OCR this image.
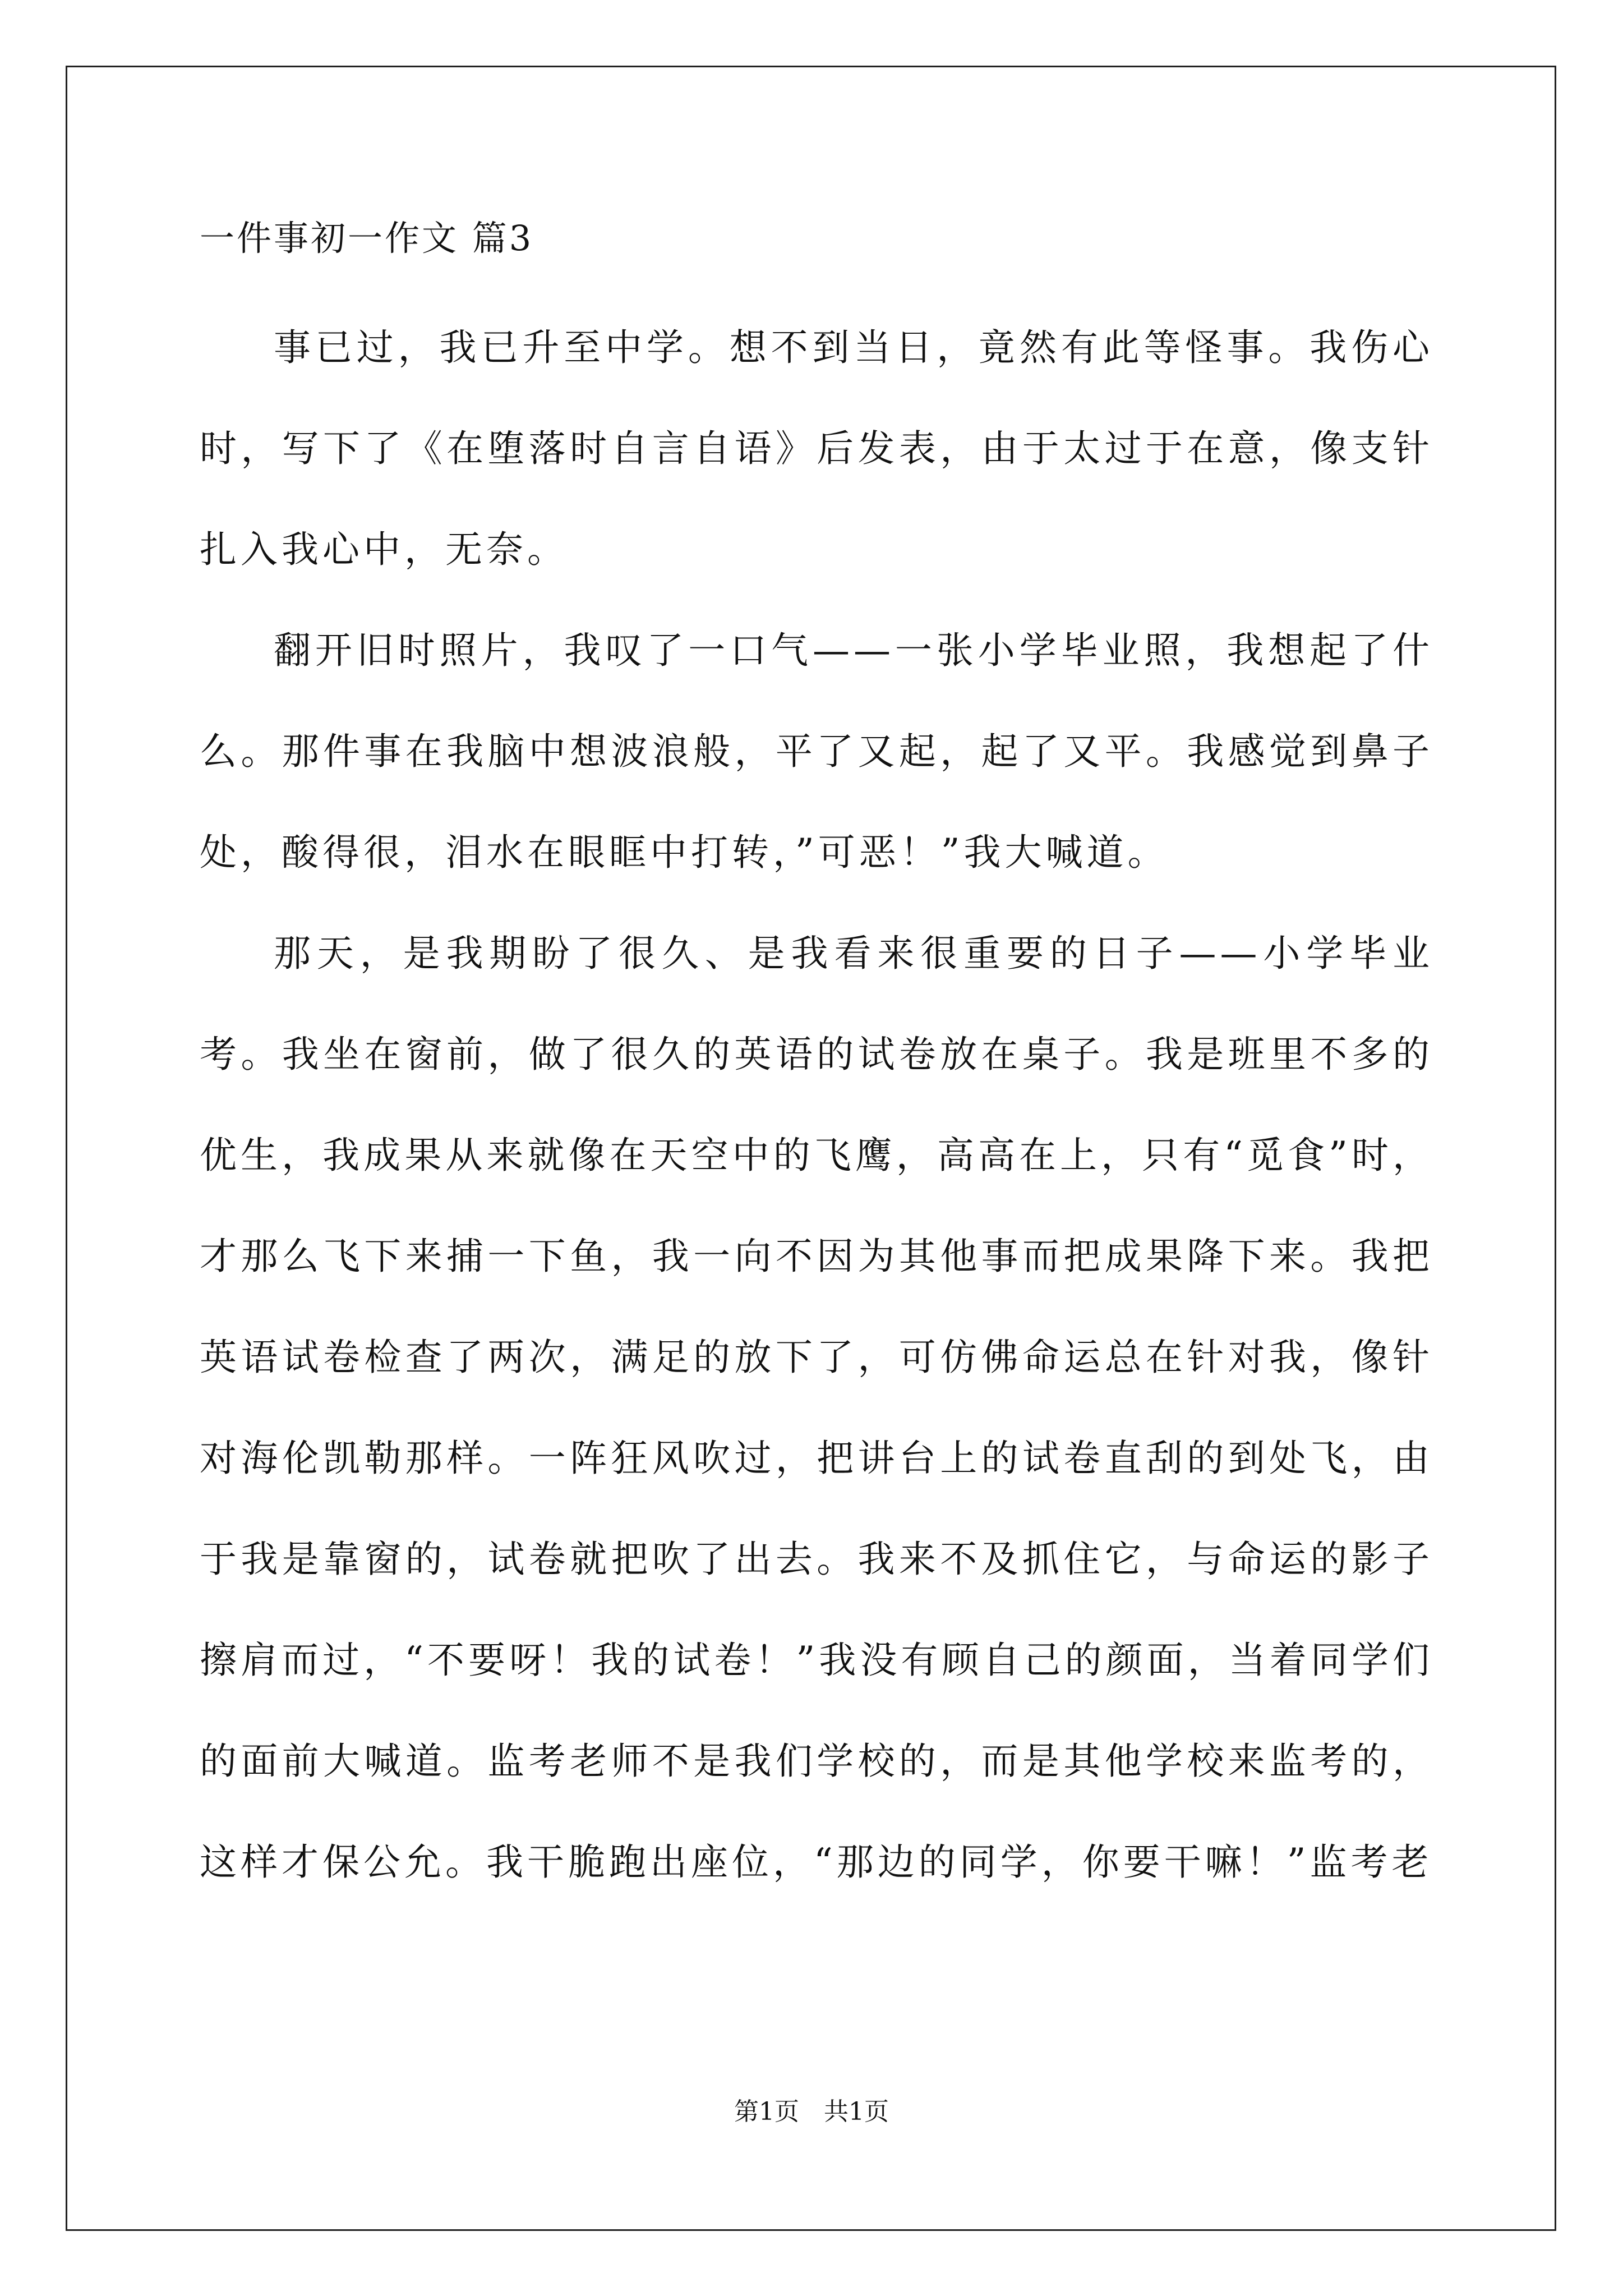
一件事初一作文 篇3

事已过，我已升至中学。想不到当日，竟然有此等怪事。我伤心时，写下了《在堕落时自言自语》后发表，由于太过于在意，像支针扎入我心中，无奈。

翻开旧时照片，我叹了一口气——一张小学毕业照，我想起了什么。那件事在我脑中想波浪般，平了又起，起了又平。我感觉到鼻子处，酸得很，泪水在眼眶中打转，”可恶！”我大喊道。

那天，是我期盼了很久、是我看来很重要的日子——小学毕业考。我坐在窗前，做了很久的英语的试卷放在桌子。我是班里不多的优生，我成果从来就像在天空中的飞鹰，高高在上，只有“觅食”时，才那么飞下来捕一下鱼，我一向不因为其他事而把成果降下来。我把英语试卷检查了两次，满足的放下了，可仿佛命运总在针对我，像针对海伦凯勒那样。一阵狂风吹过，把讲台上的试卷直刮的到处飞，由于我是靠窗的，试卷就把吹了出去。我来不及抓住它，与命运的影子擦肩而过，“不要呀！我的试卷！”我没有顾自己的颜面，当着同学们的面前大喊道。监考老师不是我们学校的，而是其他学校来监考的，这样才保公允。我干脆跑出座位，“那边的同学，你要干嘛！”监考老

第1页　共1页
